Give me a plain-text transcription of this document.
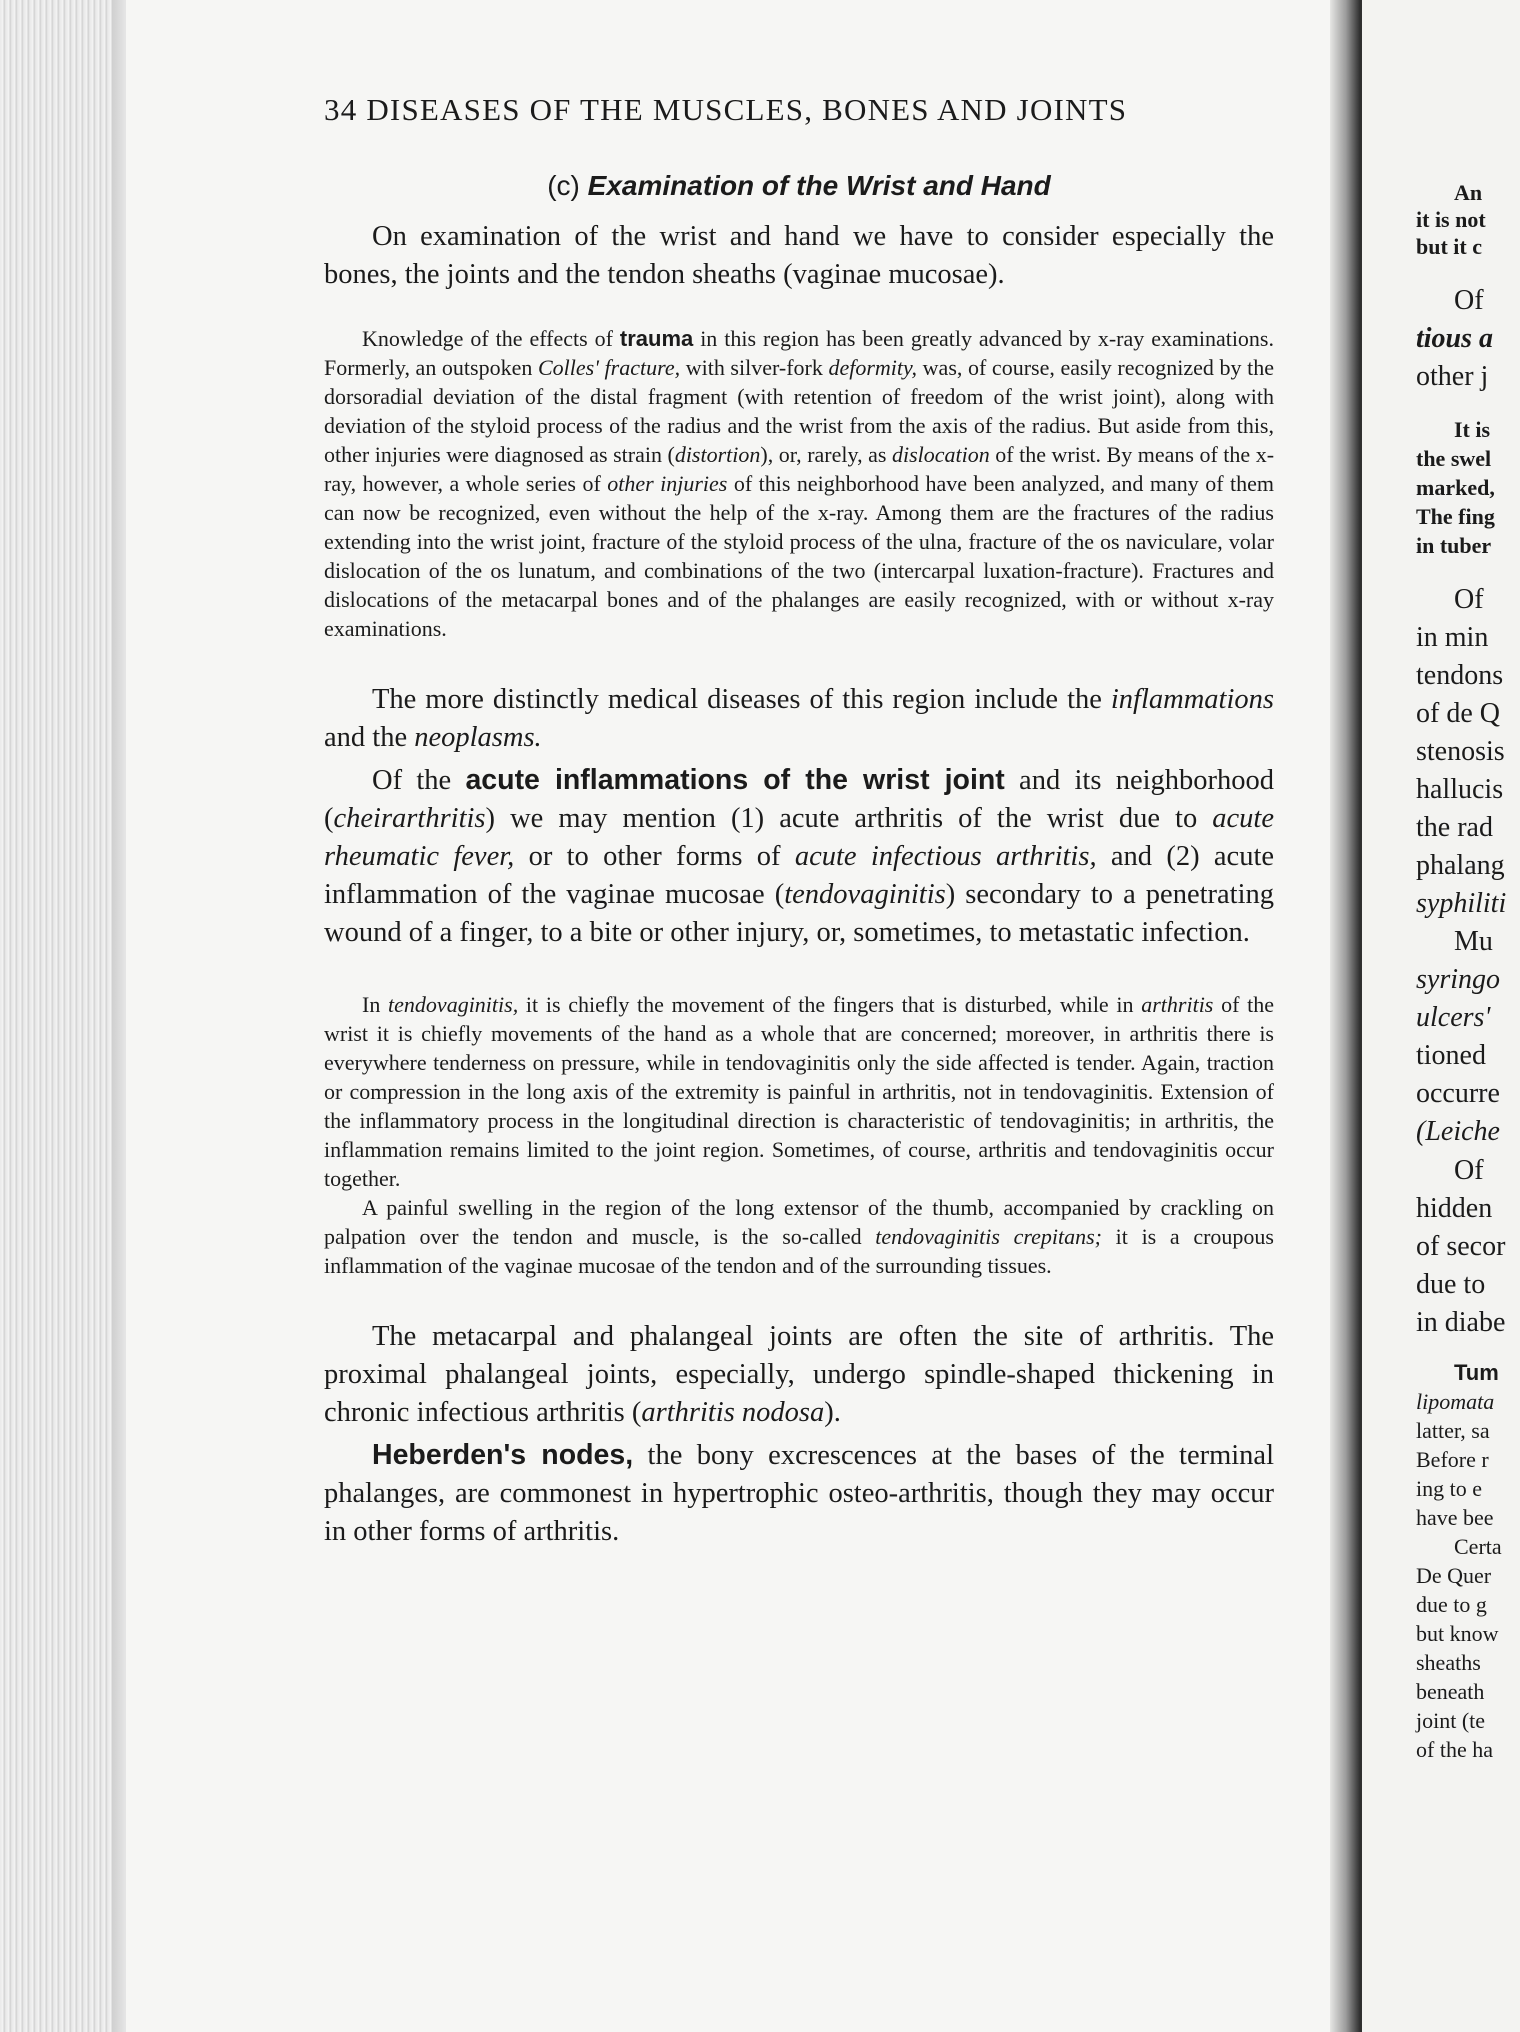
An
it is not
but it c
Of
tious a
other j
It is
the swel
marked,
The fing
in tuber
Of
in min
tendons
of de Q
stenosis
hallucis
the rad
phalang
syphiliti
Mu
syringo
ulcers'
tioned
occurre
(Leiche
Of
hidden
of secor
due to
in diabe
Tum
lipomata
latter, sa
Before r
ing to e
have bee
Certa
De Quer
due to g
but know
sheaths
beneath
joint (te
of the ha
34 DISEASES OF THE MUSCLES, BONES AND JOINTS
(c) Examination of the Wrist and Hand

On examination of the wrist and hand we have to consider especially the bones, the joints and the tendon sheaths (vaginae mucosae).

Knowledge of the effects of trauma in this region has been greatly advanced by x-ray examinations. Formerly, an outspoken Colles' fracture, with silver-fork deformity, was, of course, easily recognized by the dorsoradial deviation of the distal fragment (with retention of freedom of the wrist joint), along with deviation of the styloid process of the radius and the wrist from the axis of the radius. But aside from this, other injuries were diagnosed as strain (distortion), or, rarely, as dislocation of the wrist. By means of the x-ray, however, a whole series of other injuries of this neighborhood have been analyzed, and many of them can now be recognized, even without the help of the x-ray. Among them are the fractures of the radius extending into the wrist joint, fracture of the styloid process of the ulna, fracture of the os naviculare, volar dislocation of the os lunatum, and combinations of the two (intercarpal luxation-fracture). Fractures and dislocations of the metacarpal bones and of the phalanges are easily recognized, with or without x-ray examinations.

The more distinctly medical diseases of this region include the inflammations and the neoplasms.

Of the acute inflammations of the wrist joint and its neighborhood (cheirarthritis) we may mention (1) acute arthritis of the wrist due to acute rheumatic fever, or to other forms of acute infectious arthritis, and (2) acute inflammation of the vaginae mucosae (tendovaginitis) secondary to a penetrating wound of a finger, to a bite or other injury, or, sometimes, to metastatic infection.

In tendovaginitis, it is chiefly the movement of the fingers that is disturbed, while in arthritis of the wrist it is chiefly movements of the hand as a whole that are concerned; moreover, in arthritis there is everywhere tenderness on pressure, while in tendovaginitis only the side affected is tender. Again, traction or compression in the long axis of the extremity is painful in arthritis, not in tendovaginitis. Extension of the inflammatory process in the longitudinal direction is characteristic of tendovaginitis; in arthritis, the inflammation remains limited to the joint region. Sometimes, of course, arthritis and tendovaginitis occur together.

A painful swelling in the region of the long extensor of the thumb, accompanied by crackling on palpation over the tendon and muscle, is the so-called tendovaginitis crepitans; it is a croupous inflammation of the vaginae mucosae of the tendon and of the surrounding tissues.

The metacarpal and phalangeal joints are often the site of arthritis. The proximal phalangeal joints, especially, undergo spindle-shaped thickening in chronic infectious arthritis (arthritis nodosa).

Heberden's nodes, the bony excrescences at the bases of the terminal phalanges, are commonest in hypertrophic osteo-arthritis, though they may occur in other forms of arthritis.
